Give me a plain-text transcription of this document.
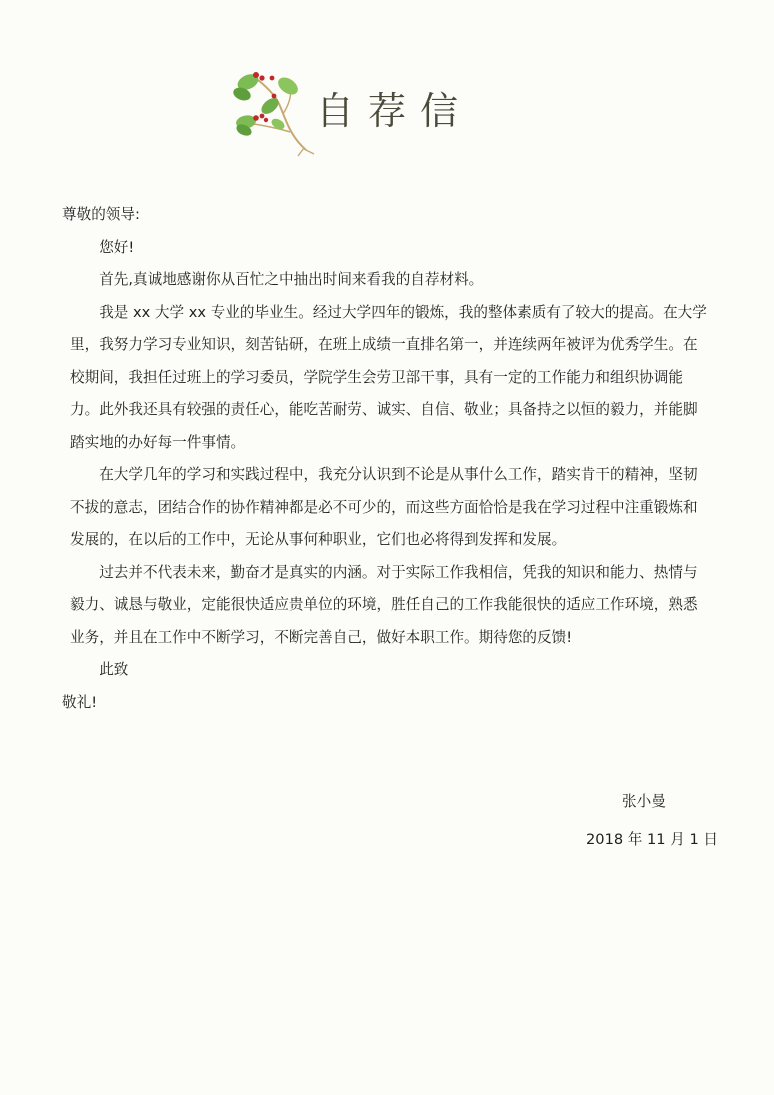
自荐信

尊敬的领导:

您好!

首先,真诚地感谢你从百忙之中抽出时间来看我的自荐材料。

我是 xx 大学 xx 专业的毕业生。经过大学四年的锻炼，我的整体素质有了较大的提高。在大学里，我努力学习专业知识，刻苦钻研，在班上成绩一直排名第一，并连续两年被评为优秀学生。在校期间，我担任过班上的学习委员，学院学生会劳卫部干事，具有一定的工作能力和组织协调能力。此外我还具有较强的责任心，能吃苦耐劳、诚实、自信、敬业；具备持之以恒的毅力，并能脚踏实地的办好每一件事情。

在大学几年的学习和实践过程中，我充分认识到不论是从事什么工作，踏实肯干的精神，坚韧不拔的意志，团结合作的协作精神都是必不可少的，而这些方面恰恰是我在学习过程中注重锻炼和发展的，在以后的工作中，无论从事何种职业，它们也必将得到发挥和发展。

过去并不代表未来，勤奋才是真实的内涵。对于实际工作我相信，凭我的知识和能力、热情与毅力、诚恳与敬业，定能很快适应贵单位的环境，胜任自己的工作我能很快的适应工作环境，熟悉业务，并且在工作中不断学习，不断完善自己，做好本职工作。期待您的反馈!

此致

敬礼!

张小曼
2018 年 11 月 1 日
